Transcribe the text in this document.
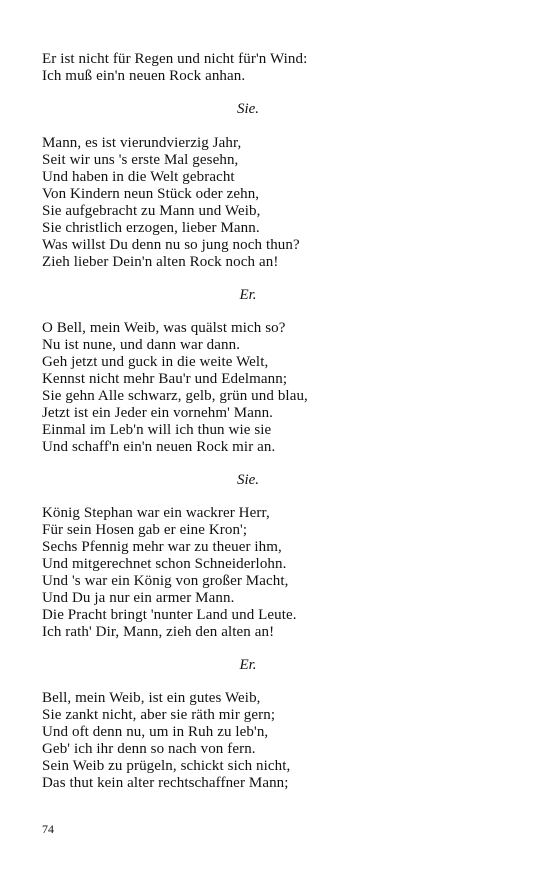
Er ist nicht für Regen und nicht für'n Wind:
Ich muß ein'n neuen Rock anhan.
Sie.
Mann, es ist vierundvierzig Jahr,
Seit wir uns 's erste Mal gesehn,
Und haben in die Welt gebracht
Von Kindern neun Stück oder zehn,
Sie aufgebracht zu Mann und Weib,
Sie christlich erzogen, lieber Mann.
Was willst Du denn nu so jung noch thun?
Zieh lieber Dein'n alten Rock noch an!
Er.
O Bell, mein Weib, was quälst mich so?
Nu ist nune, und dann war dann.
Geh jetzt und guck in die weite Welt,
Kennst nicht mehr Bau'r und Edelmann;
Sie gehn Alle schwarz, gelb, grün und blau,
Jetzt ist ein Jeder ein vornehm' Mann.
Einmal im Leb'n will ich thun wie sie
Und schaff'n ein'n neuen Rock mir an.
Sie.
König Stephan war ein wackrer Herr,
Für sein Hosen gab er eine Kron';
Sechs Pfennig mehr war zu theuer ihm,
Und mitgerechnet schon Schneiderlohn.
Und 's war ein König von großer Macht,
Und Du ja nur ein armer Mann.
Die Pracht bringt 'nunter Land und Leute.
Ich rath' Dir, Mann, zieh den alten an!
Er.
Bell, mein Weib, ist ein gutes Weib,
Sie zankt nicht, aber sie räth mir gern;
Und oft denn nu, um in Ruh zu leb'n,
Geb' ich ihr denn so nach von fern.
Sein Weib zu prügeln, schickt sich nicht,
Das thut kein alter rechtschaffner Mann;
74
